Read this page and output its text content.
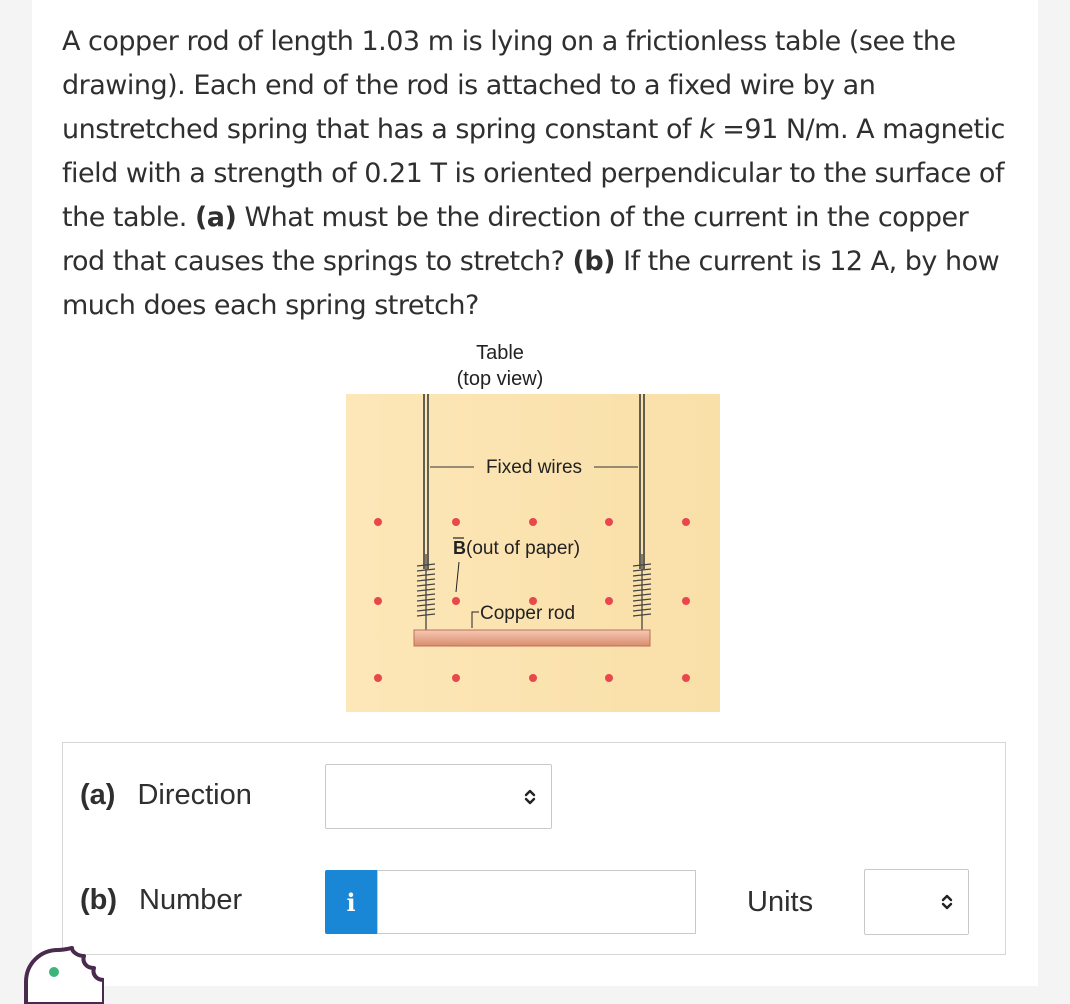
A copper rod of length 1.03 m is lying on a frictionless table (see the drawing). Each end of the rod is attached to a fixed wire by an unstretched spring that has a spring constant of k =91 N/m. A magnetic field with a strength of 0.21 T is oriented perpendicular to the surface of the table. (a) What must be the direction of the current in the copper rod that causes the springs to stretch? (b) If the current is 12 A, by how much does each spring stretch?

Table
(top view)
Fixed wires
B (out of paper)
Copper rod
(a) Direction
(b) Number	i	Units
